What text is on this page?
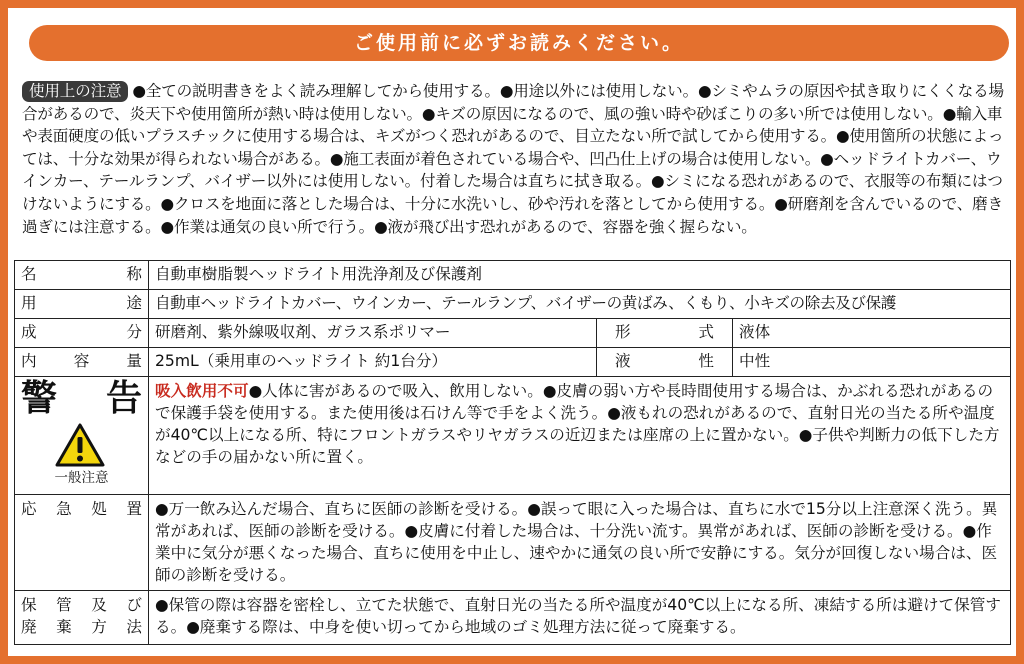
ご使用前に必ずお読みください。
使用上の注意 ●全ての説明書きをよく読み理解してから使用する。●用途以外には使用しない。●シミやムラの原因や拭き取りにくくなる場合があるので、炎天下や使用箇所が熱い時は使用しない。●キズの原因になるので、風の強い時や砂ぼこりの多い所では使用しない。●輸入車や表面硬度の低いプラスチックに使用する場合は、キズがつく恐れがあるので、目立たない所で試してから使用する。●使用箇所の状態によっては、十分な効果が得られない場合がある。●施工表面が着色されている場合や、凹凸仕上げの場合は使用しない。●ヘッドライトカバー、ウインカー、テールランプ、バイザー以外には使用しない。付着した場合は直ちに拭き取る。●シミになる恐れがあるので、衣服等の布類にはつけないようにする。●クロスを地面に落とした場合は、十分に水洗いし、砂や汚れを落としてから使用する。●研磨剤を含んでいるので、磨き過ぎには注意する。●作業は通気の良い所で行う。●液が飛び出す恐れがあるので、容器を強く握らない。
名称	自動車樹脂製ヘッドライト用洗浄剤及び保護剤		

用途	自動車ヘッドライトカバー、ウインカー、テールランプ、バイザーの黄ばみ、くもり、小キズの除去及び保護		

成分	研磨剤、紫外線吸収剤、ガラス系ポリマー	形式	液体

内容量	25mL（乗用車のヘッドライト 約1台分）	液性	中性

警 告
一般注意	吸入飲用不可●人体に害があるので吸入、飲用しない。●皮膚の弱い方や長時間使用する場合は、かぶれる恐れがあるので保護手袋を使用する。また使用後は石けん等で手をよく洗う。●液もれの恐れがあるので、直射日光の当たる所や温度が40℃以上になる所、特にフロントガラスやリヤガラスの近辺または座席の上に置かない。●子供や判断力の低下した方などの手の届かない所に置く。		

応急処置	●万一飲み込んだ場合、直ちに医師の診断を受ける。●誤って眼に入った場合は、直ちに水で15分以上注意深く洗う。異常があれば、医師の診断を受ける。●皮膚に付着した場合は、十分洗い流す。異常があれば、医師の診断を受ける。●作業中に気分が悪くなった場合、直ちに使用を中止し、速やかに通気の良い所で安静にする。気分が回復しない場合は、医師の診断を受ける。		

保管及び
廃棄方法	●保管の際は容器を密栓し、立てた状態で、直射日光の当たる所や温度が40℃以上になる所、凍結する所は避けて保管する。●廃棄する際は、中身を使い切ってから地域のゴミ処理方法に従って廃棄する。		
